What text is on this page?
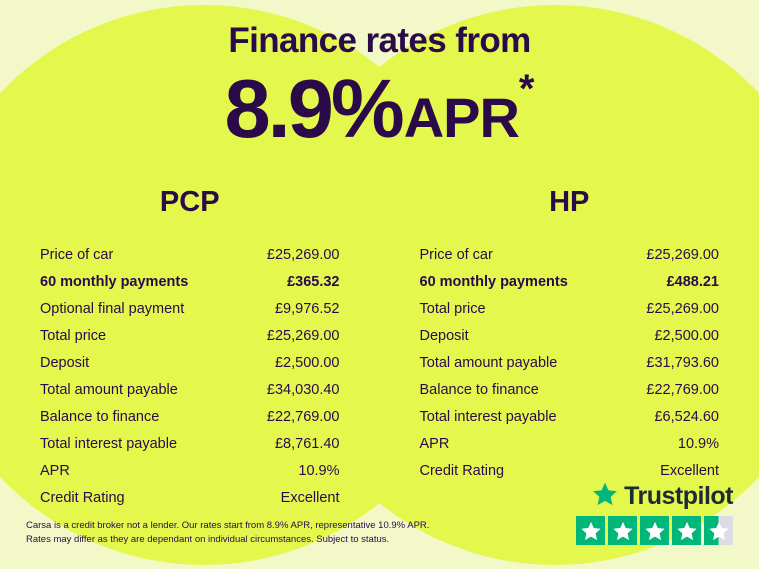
Finance rates from
8.9%APR*
PCP
Price of car	£25,269.00
60 monthly payments	£365.32
Optional final payment	£9,976.52
Total price	£25,269.00
Deposit	£2,500.00
Total amount payable	£34,030.40
Balance to finance	£22,769.00
Total interest payable	£8,761.40
APR	10.9%
Credit Rating	Excellent
HP
Price of car	£25,269.00
60 monthly payments	£488.21
Total price	£25,269.00
Deposit	£2,500.00
Total amount payable	£31,793.60
Balance to finance	£22,769.00
Total interest payable	£6,524.60
APR	10.9%
Credit Rating	Excellent
Carsa is a credit broker not a lender. Our rates start from 8.9% APR, representative 10.9% APR.
Rates may differ as they are dependant on individual circumstances. Subject to status.
Trustpilot
